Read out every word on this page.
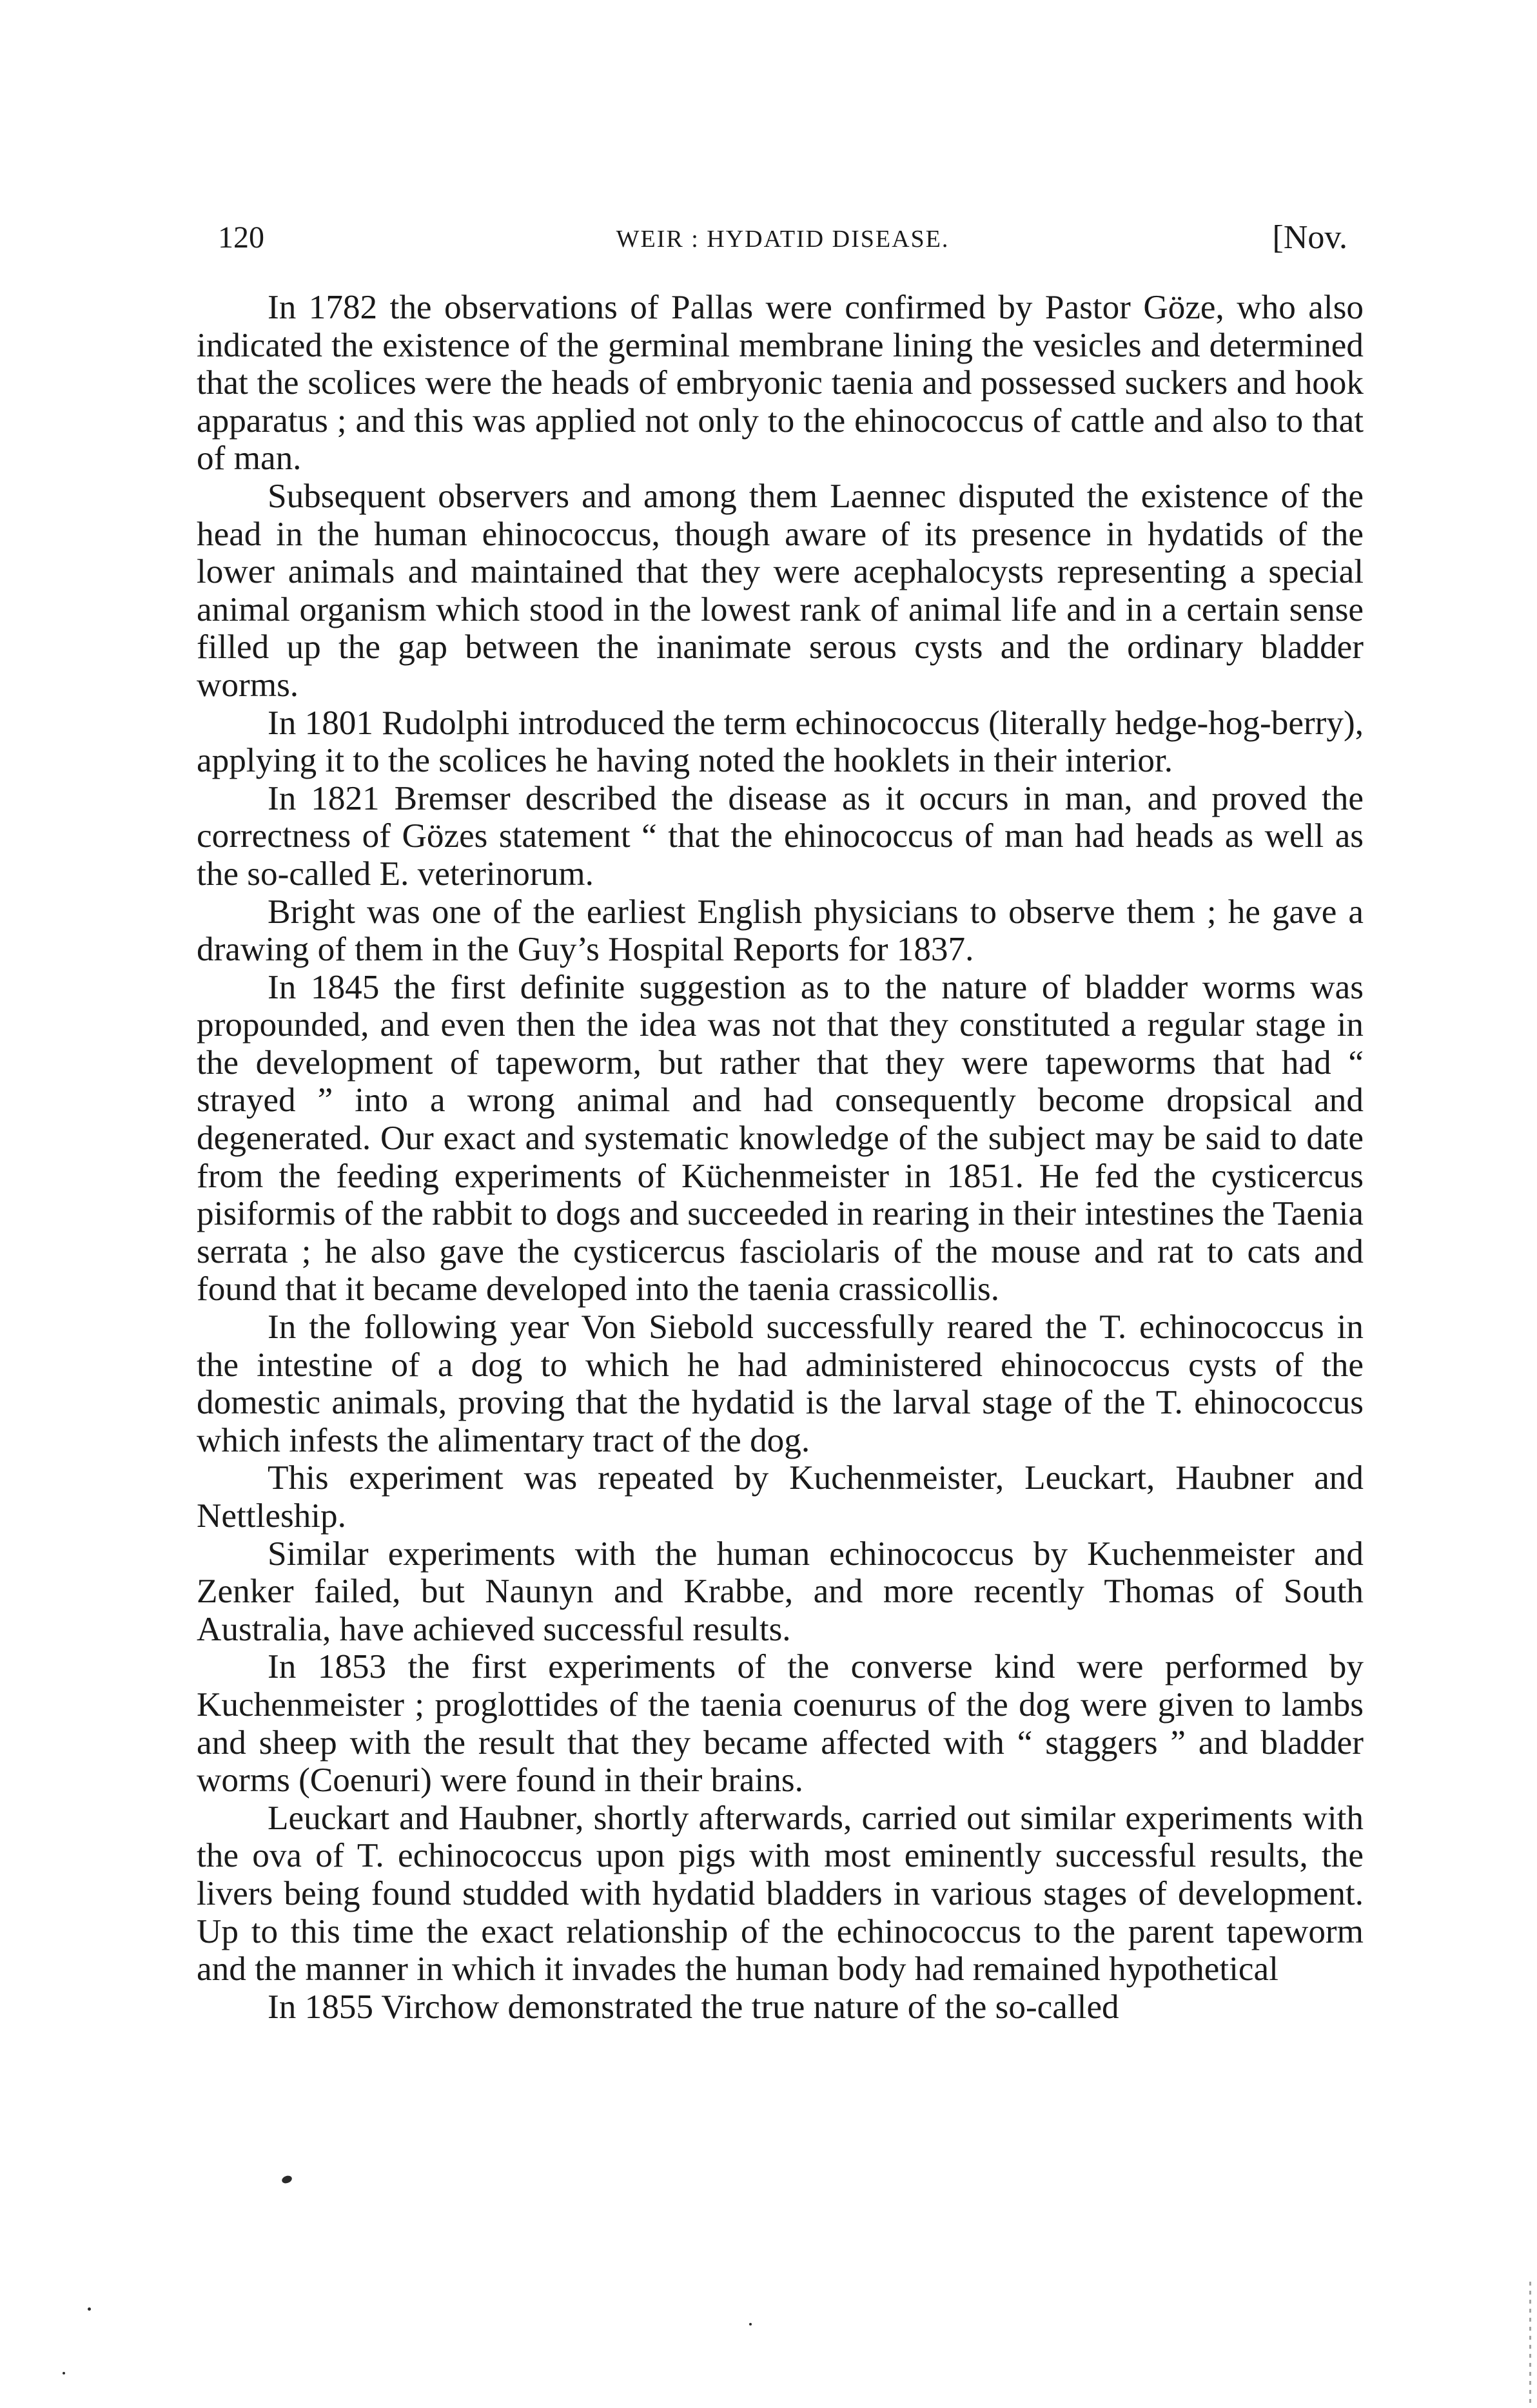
120	WEIR : HYDATID DISEASE.	[Nov.

In 1782 the observations of Pallas were confirmed by Pastor Göze, who also indicated the existence of the germinal membrane lining the vesicles and determined that the scolices were the heads of embryonic taenia and possessed suckers and hook apparatus ; and this was applied not only to the ehinococcus of cattle and also to that of man.

Subsequent observers and among them Laennec disputed the existence of the head in the human ehinococcus, though aware of its presence in hydatids of the lower animals and maintained that they were acephalocysts representing a special animal organism which stood in the lowest rank of animal life and in a certain sense filled up the gap between the inanimate serous cysts and the ordinary bladder worms.

In 1801 Rudolphi introduced the term echinococcus (literally hedge-hog-berry), applying it to the scolices he having noted the hooklets in their interior.

In 1821 Bremser described the disease as it occurs in man, and proved the correctness of Gözes statement “ that the ehinococcus of man had heads as well as the so-called E. veterinorum.

Bright was one of the earliest English physicians to observe them ; he gave a drawing of them in the Guy’s Hospital Reports for 1837.

In 1845 the first definite suggestion as to the nature of bladder worms was propounded, and even then the idea was not that they constituted a regular stage in the development of tapeworm, but rather that they were tapeworms that had “ strayed ” into a wrong animal and had consequently become dropsical and degenerated. Our exact and systematic knowledge of the subject may be said to date from the feeding experiments of Küchenmeister in 1851. He fed the cysticercus pisiformis of the rabbit to dogs and succeeded in rearing in their intestines the Taenia serrata ; he also gave the cysticercus fasciolaris of the mouse and rat to cats and found that it became developed into the taenia crassicollis.

In the following year Von Siebold successfully reared the T. echinococcus in the intestine of a dog to which he had administered ehinococcus cysts of the domestic animals, proving that the hydatid is the larval stage of the T. ehinococcus which infests the alimentary tract of the dog.

This experiment was repeated by Kuchenmeister, Leuckart, Haubner and Nettleship.

Similar experiments with the human echinococcus by Kuchenmeister and Zenker failed, but Naunyn and Krabbe, and more recently Thomas of South Australia, have achieved successful results.

In 1853 the first experiments of the converse kind were performed by Kuchenmeister ; proglottides of the taenia coenurus of the dog were given to lambs and sheep with the result that they became affected with “ staggers ” and bladder worms (Coenuri) were found in their brains.

Leuckart and Haubner, shortly afterwards, carried out similar experiments with the ova of T. echinococcus upon pigs with most eminently successful results, the livers being found studded with hydatid bladders in various stages of development. Up to this time the exact relationship of the echinococcus to the parent tapeworm and the manner in which it invades the human body had remained hypothetical

In 1855 Virchow demonstrated the true nature of the so-called
